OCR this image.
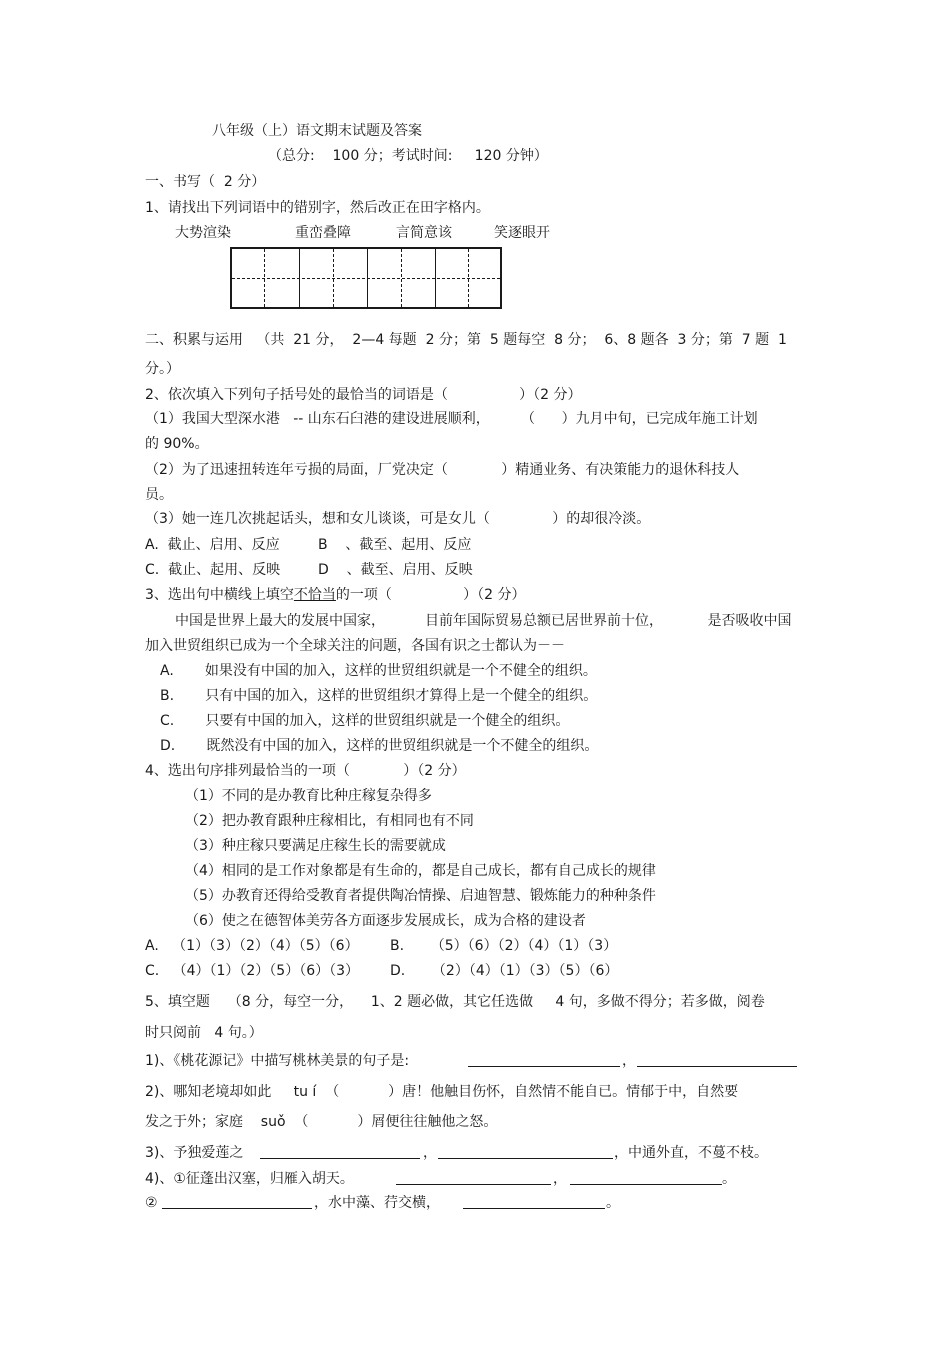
八年级（上）语文期末试题及答案
（总分:    100 分；考试时间:     120 分钟）
一、书写（  2 分）
1、请找出下列词语中的错别字，然后改正在田字格内。
大势渲染	重峦叠障	言简意该	笑逐眼开
二、积累与运用   （共  21 分，  2—4 每题  2 分；第  5 题每空  8 分；  6、8 题各  3 分；第  7 题  1
分。）
2、依次填入下列句子括号处的最恰当的词语是（                ）（2 分）
（1）我国大型深水港   -- 山东石臼港的建设进展顺利，       （      ）九月中旬，已完成年施工计划
的 90%。
（2）为了迅速扭转连年亏损的局面，厂党决定（            ）精通业务、有决策能力的退休科技人
员。
（3）她一连几次挑起话头，想和女儿谈谈，可是女儿（              ）的却很冷淡。
A.  截止、启用、反应	B    、截至、起用、反应
C.  截止、起用、反映	D    、截至、启用、反映
3、选出句中横线上填空不恰当的一项（                ）（2 分）
中国是世界上最大的发展中国家，         目前年国际贸易总额已居世界前十位，          是否吸收中国
加入世贸组织已成为一个全球关注的问题，各国有识之士都认为－－
A.       如果没有中国的加入，这样的世贸组织就是一个不健全的组织。
B.       只有中国的加入，这样的世贸组织才算得上是一个健全的组织。
C.       只要有中国的加入，这样的世贸组织就是一个健全的组织。
D.       既然没有中国的加入，这样的世贸组织就是一个不健全的组织。
4、选出句序排列最恰当的一项（            ）（2 分）
（1）不同的是办教育比种庄稼复杂得多
（2）把办教育跟种庄稼相比，有相同也有不同
（3）种庄稼只要满足庄稼生长的需要就成
（4）相同的是工作对象都是有生命的，都是自己成长，都有自己成长的规律
（5）办教育还得给受教育者提供陶冶情操、启迪智慧、锻炼能力的种种条件
（6）使之在德智体美劳各方面逐步发展成长，成为合格的建设者
A.   （1）（3）（2）（4）（5）（6） B.      （5）（6）（2）（4）（1）（3）
C.   （4）（1）（2）（5）（6）（3） D.      （2）（4）（1）（3）（5）（6）
5、填空题    （8 分，每空一分，    1、2 题必做，其它任选做     4 句，多做不得分；若多做，阅卷
时只阅前   4 句。）
1)、《桃花源记》中描写桃林美景的句子是:	，
2)、哪知老境却如此     tu í  （           ）唐！他触目伤怀，自然情不能自已。情郁于中，自然要
发之于外；家庭    suǒ  （           ）屑便往往触他之怒。
3)、予独爱莲之	，	，中通外直，不蔓不枝。
4)、①征蓬出汉塞，归雁入胡天。	，	。
②	，水中藻、荇交横，	。
